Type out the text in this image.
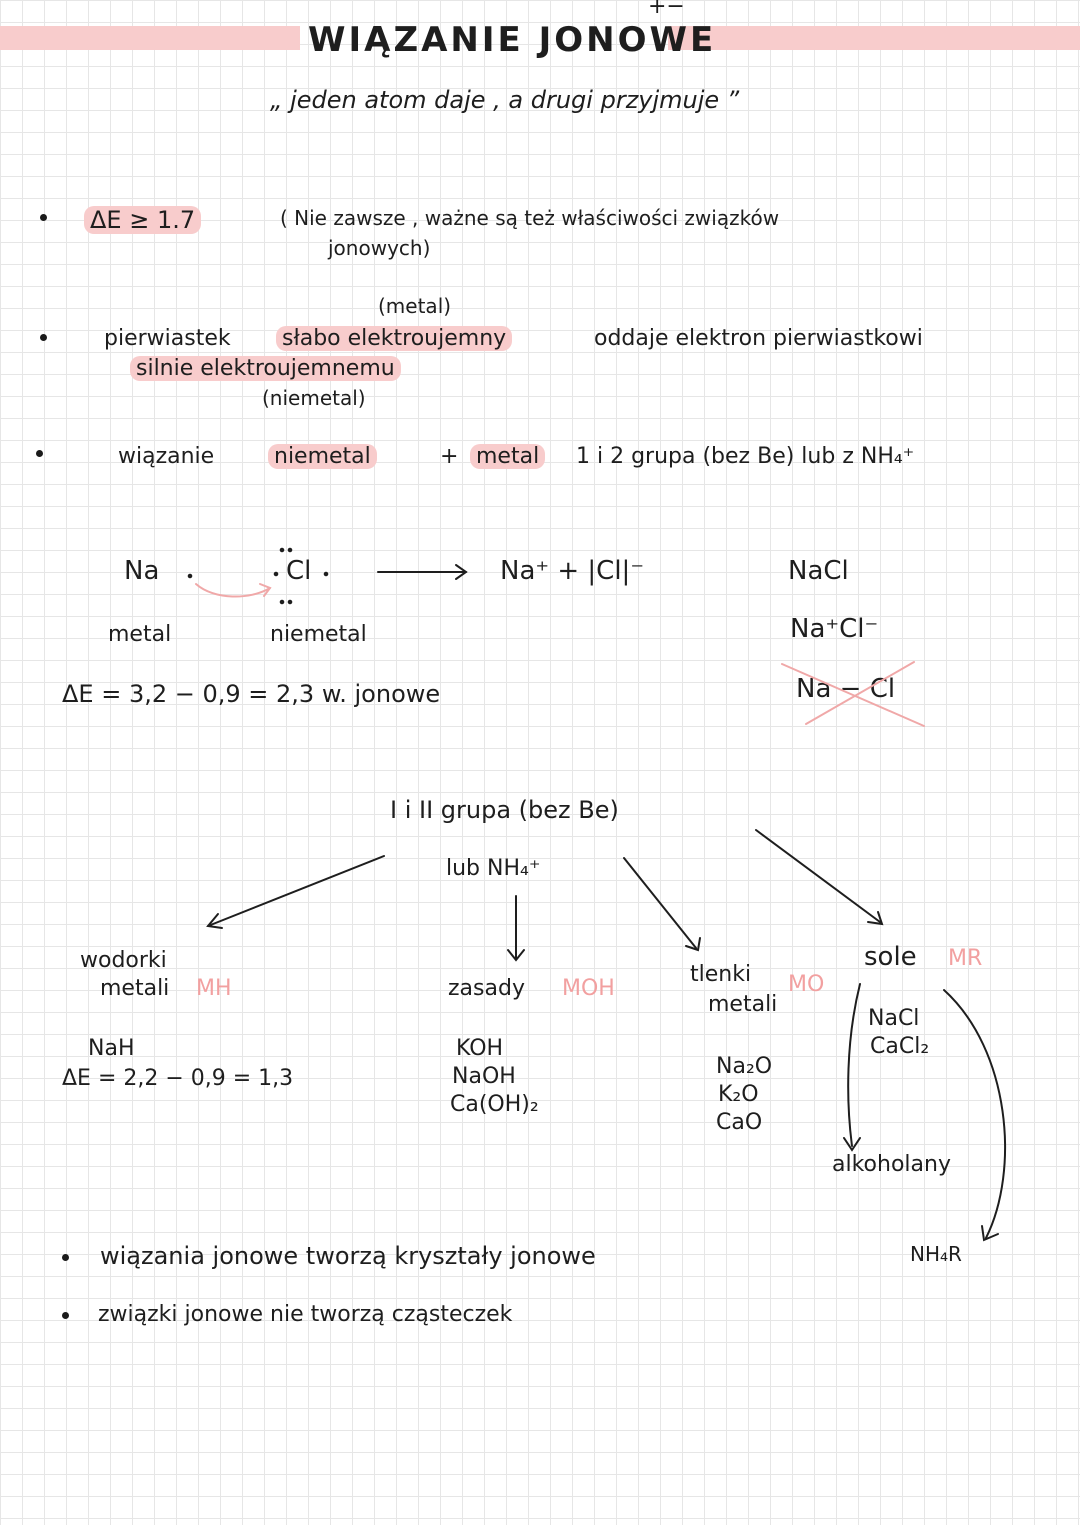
WIĄZANIE JONOWE
+−
„ jeden atom daje , a drugi przyjmuje ”
ΔE ≥ 1.7	( Nie zawsze , ważne są też właściwości związków
jonowych)
(metal)
pierwiastek słabo elektroujemny	oddaje elektron pierwiastkowi
silnie elektroujemnemu
(niemetal)
wiązanie	niemetal	+ metal 1 i 2 grupa (bez Be) lub z NH₄⁺
Na	Cl	Na⁺ + |Cl|⁻
metal	niemetal
ΔE = 3,2 − 0,9 = 2,3 w. jonowe
NaCl
Na⁺Cl⁻
Na − Cl
I i II grupa (bez Be)
lub NH₄⁺
wodorki
metali MH
NaH
ΔE = 2,2 − 0,9 = 1,3
zasady MOH
KOH
NaOH
Ca(OH)₂
tlenki
metali
MO
Na₂O
K₂O
CaO
sole MR
NaCl
CaCl₂
alkoholany
NH₄R
wiązania jonowe tworzą kryształy jonowe
związki jonowe nie tworzą cząsteczek
